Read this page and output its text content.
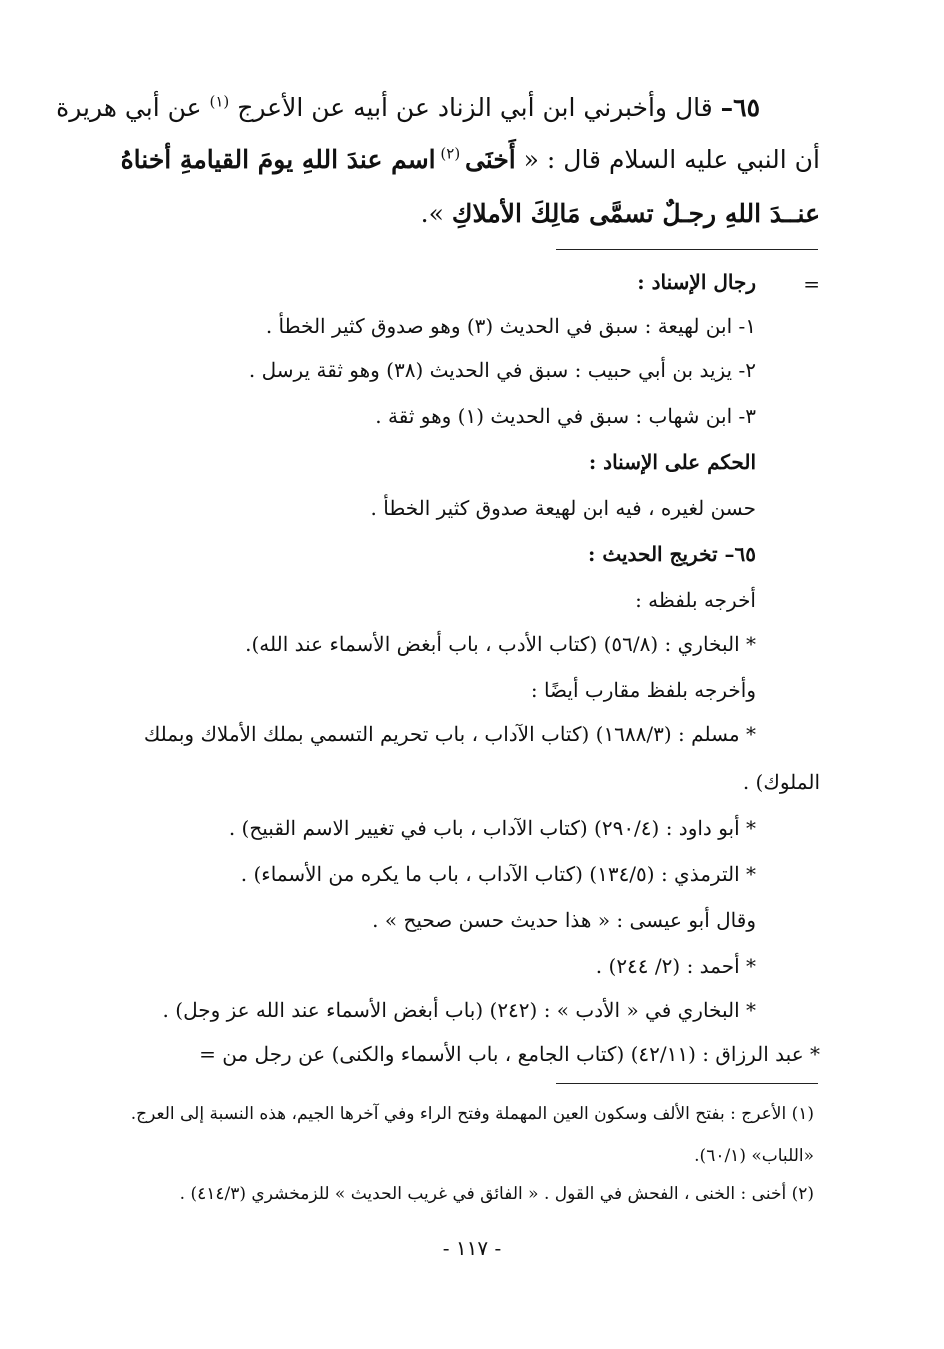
٦٥– قال وأخبرني ابن أبي الزناد عن أبيه عن الأعرج $^{(١)}$ عن أبي هريرة
أن النبي عليه السلام قال : « أَخنَى $^{(٢)}$ اسم عندَ اللهِ يومَ القيامةِ أخناهُ
عنــدَ اللهِ رجـلٌ تسمَّى مَالِكَ الأملاكِ ».
=
رجال الإسناد :
١- ابن لهيعة : سبق في الحديث (٣) وهو صدوق كثير الخطأ .
٢- يزيد بن أبي حبيب : سبق في الحديث (٣٨) وهو ثقة يرسل .
٣- ابن شهاب : سبق في الحديث (١) وهو ثقة .
الحكم على الإسناد :
حسن لغيره ، فيه ابن لهيعة صدوق كثير الخطأ .
٦٥– تخريج الحديث :
أخرجه بلفظه :
* البخاري : (٥٦/٨) (كتاب الأدب ، باب أبغض الأسماء عند الله).
وأخرجه بلفظ مقارب أيضًا :
* مسلم : (١٦٨٨/٣) (كتاب الآداب ، باب تحريم التسمي بملك الأملاك وبملك
الملوك) .
* أبو داود : (٢٩٠/٤) (كتاب الآداب ، باب في تغيير الاسم القبيح) .
* الترمذي : (١٣٤/٥) (كتاب الآداب ، باب ما يكره من الأسماء) .
وقال أبو عيسى : « هذا حديث حسن صحيح » .
* أحمد : (٢/ ٢٤٤) .
* البخاري في « الأدب » : (٢٤٢) (باب أبغض الأسماء عند الله عز وجل) .
* عبد الرزاق : (٤٢/١١) (كتاب الجامع ، باب الأسماء والكنى) عن رجل من =
(١) الأعرج : بفتح الألف وسكون العين المهملة وفتح الراء وفي آخرها الجيم، هذه النسبة إلى العرج.
«اللباب» (٦٠/١).
(٢) أخنى : الخنى ، الفحش في القول . « الفائق في غريب الحديث » للزمخشري (٤١٤/٣) .
- ١١٧ -
